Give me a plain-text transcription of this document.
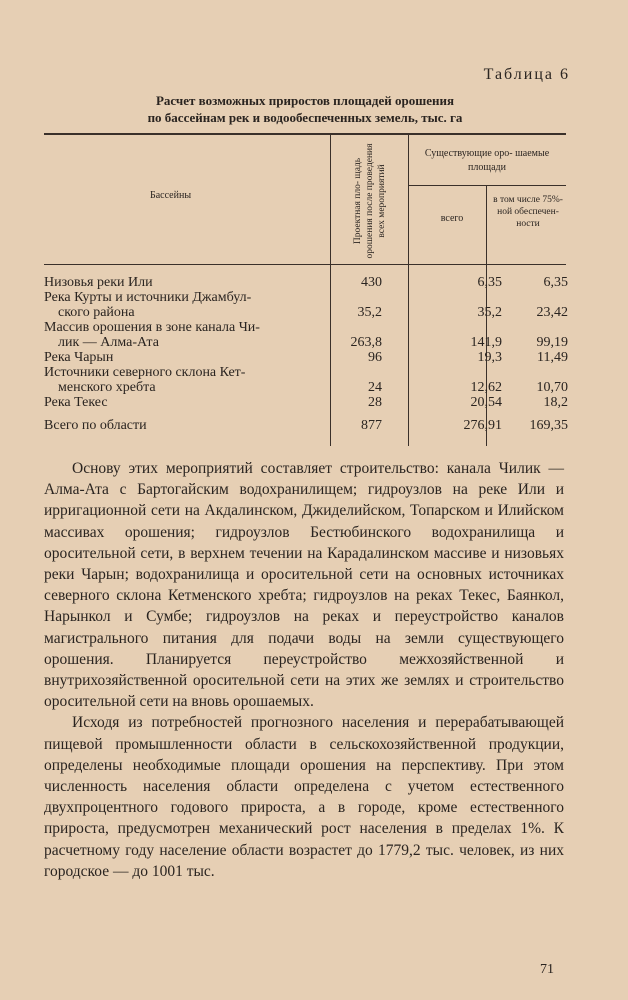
Таблица 6
Расчет возможных приростов площадей орошения
по бассейнам рек и водообеспеченных земель, тыс. га
Бассейны	Проектная пло- щадь орошения после проведения всех мероприятий
Существующие оро- шаемые площади
всего
в том числе 75%-ной обеспечен- ности
Низовья реки Или	430	6,35	6,35
Река Курты и источники Джамбул-
ского района	35,2	35,2	23,42
Массив орошения в зоне канала Чи-
лик — Алма-Ата	263,8	141,9	99,19
Река Чарын	96	19,3	11,49
Источники северного склона Кет-
менского хребта	24	12,62	10,70
Река Текес	28	20,54	18,2
Всего по области	877	276,91	169,35

Основу этих мероприятий составляет строительство: канала Чилик — Алма-Ата с Бартогайским водохранилищем; гидроузлов на реке Или и ирригационной сети на Акдалинском, Джиделийском, Топарском и Илийском массивах орошения; гидроузлов Бестюбинского водохранилища и оросительной сети, в верхнем течении на Карадалинском массиве и низовьях реки Чарын; водохранилища и оросительной сети на основных источниках северного склона Кетменского хребта; гидроузлов на реках Текес, Баянкол, Нарынкол и Сумбе; гидроузлов на реках и переустройство каналов магистрального питания для подачи воды на земли существующего орошения. Планируется переустройство межхозяйственной и внутрихозяйственной оросительной сети на этих же землях и строительство оросительной сети на вновь орошаемых.

Исходя из потребностей прогнозного населения и перерабатывающей пищевой промышленности области в сельскохозяйственной продукции, определены необходимые площади орошения на перспективу. При этом численность населения области определена с учетом естественного двухпроцентного годового прироста, а в городе, кроме естественного прироста, предусмотрен механический рост населения в пределах 1%. К расчетному году население области возрастет до 1779,2 тыс. человек, из них городское — до 1001 тыс.

71
